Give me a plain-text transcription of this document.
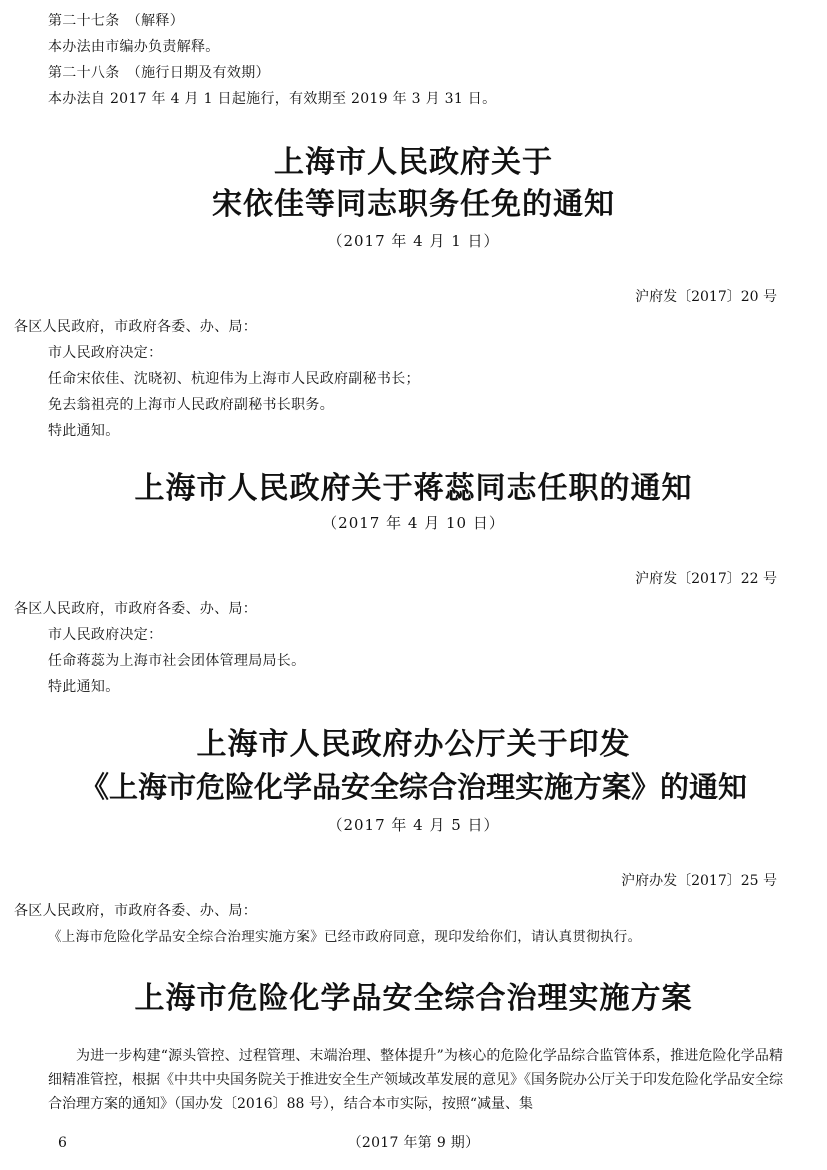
第二十七条　（解释）
本办法由市编办负责解释。
第二十八条　（施行日期及有效期）
本办法自 2017 年 4 月 1 日起施行，有效期至 2019 年 3 月 31 日。
上海市人民政府关于
宋依佳等同志职务任免的通知
（2017 年 4 月 1 日）
沪府发〔2017〕20 号
各区人民政府，市政府各委、办、局：
市人民政府决定：
任命宋依佳、沈晓初、杭迎伟为上海市人民政府副秘书长；
免去翁祖亮的上海市人民政府副秘书长职务。
特此通知。
上海市人民政府关于蒋蕊同志任职的通知
（2017 年 4 月 10 日）
沪府发〔2017〕22 号
各区人民政府，市政府各委、办、局：
市人民政府决定：
任命蒋蕊为上海市社会团体管理局局长。
特此通知。
上海市人民政府办公厅关于印发
《上海市危险化学品安全综合治理实施方案》的通知
（2017 年 4 月 5 日）
沪府办发〔2017〕25 号
各区人民政府，市政府各委、办、局：
《上海市危险化学品安全综合治理实施方案》已经市政府同意，现印发给你们，请认真贯彻执行。
上海市危险化学品安全综合治理实施方案
为进一步构建“源头管控、过程管理、末端治理、整体提升”为核心的危险化学品综合监管体系，推进危险化学品精细精准管控，根据《中共中央国务院关于推进安全生产领域改革发展的意见》《国务院办公厅关于印发危险化学品安全综合治理方案的通知》（国办发〔2016〕88 号），结合本市实际，按照“减量、集
6	（2017 年第 9 期）
